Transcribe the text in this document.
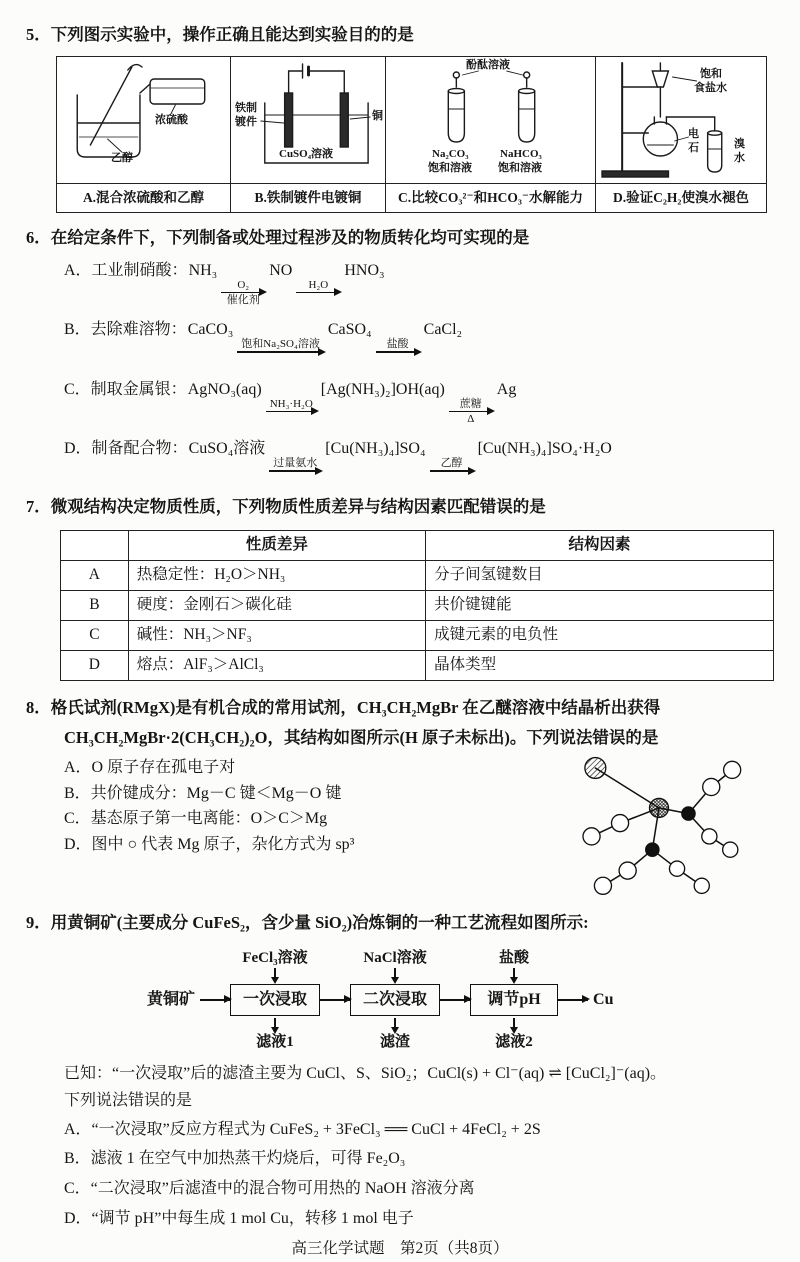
5．下列图示实验中，操作正确且能达到实验目的的是
浓硫酸
乙醇
A.混合浓硫酸和乙醇
铁制
镀件	铜
CuSO₄溶液
B.铁制镀件电镀铜
酚酞溶液
Na₂CO₃
饱和溶液
NaHCO₃
饱和溶液
C.比较CO₃²⁻和HCO₃⁻水解能力
饱和
食盐水
电
石	溴
水
D.验证C₂H₂使溴水褪色
6．在给定条件下，下列制备或处理过程涉及的物质转化均可实现的是
A．工业制硝酸：NH₃
O₂
催化剂
NO
H₂O
HNO₃
B．去除难溶物：CaCO₃
饱和Na₂SO₄溶液
CaSO₄
盐酸
CaCl₂
C．制取金属银：AgNO₃(aq)
NH₃·H₂O
[Ag(NH₃)₂]OH(aq)
蔗糖
Δ
Ag
D．制备配合物：CuSO₄溶液
过量氨水
[Cu(NH₃)₄]SO₄
乙醇
[Cu(NH₃)₄]SO₄·H₂O
7．微观结构决定物质性质，下列物质性质差异与结构因素匹配错误的是
	性质差异	结构因素
A	热稳定性：H₂O＞NH₃	分子间氢键数目
B	硬度：金刚石＞碳化硅	共价键键能
C	碱性：NH₃＞NF₃	成键元素的电负性
D	熔点：AlF₃＞AlCl₃	晶体类型
8．格氏试剂(RMgX)是有机合成的常用试剂，CH₃CH₂MgBr 在乙醚溶液中结晶析出获得
CH₃CH₂MgBr·2(CH₃CH₂)₂O，其结构如图所示(H 原子未标出)。下列说法错误的是
A．O 原子存在孤电子对
B．共价键成分：Mg－C 键＜Mg－O 键
C．基态原子第一电离能：O＞C＞Mg
D．图中 ○ 代表 Mg 原子，杂化方式为 sp³
9．用黄铜矿(主要成分 CuFeS₂，含少量 SiO₂)冶炼铜的一种工艺流程如图所示:
FeCl₃溶液	NaCl溶液	盐酸
黄铜矿	一次浸取	二次浸取	调节pH	Cu
滤液1	滤渣	滤液2
已知：“一次浸取”后的滤渣主要为 CuCl、S、SiO₂；CuCl(s) + Cl⁻(aq) ⇌ [CuCl₂]⁻(aq)。
下列说法错误的是
A．“一次浸取”反应方程式为 CuFeS₂ + 3FeCl₃ ══ CuCl + 4FeCl₂ + 2S
B．滤液 1 在空气中加热蒸干灼烧后，可得 Fe₂O₃
C．“二次浸取”后滤渣中的混合物可用热的 NaOH 溶液分离
D．“调节 pH”中每生成 1 mol Cu，转移 1 mol 电子
高三化学试题　第2页（共8页）
